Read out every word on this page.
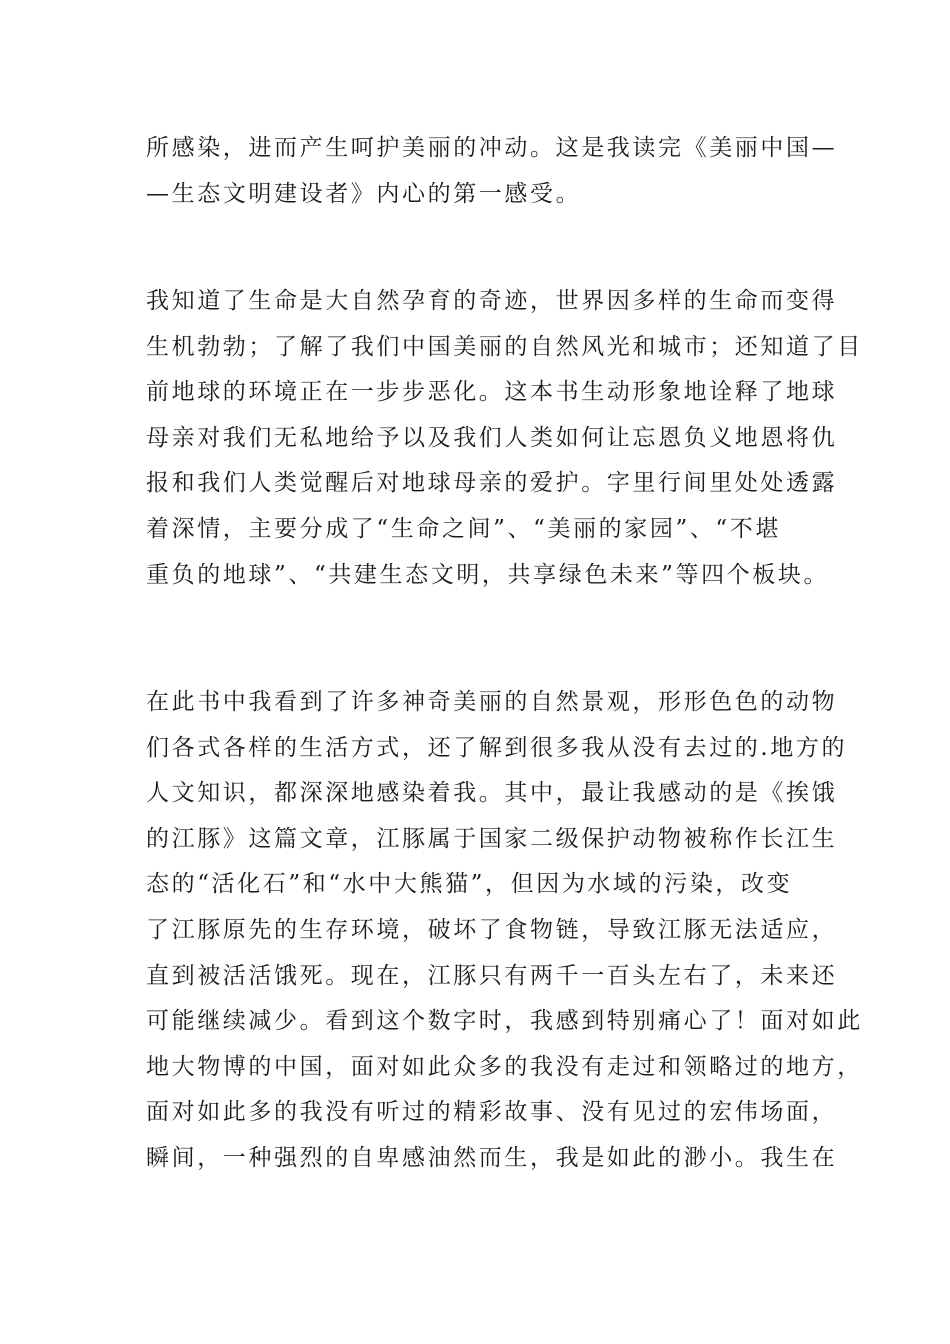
所感染，进而产生呵护美丽的冲动。这是我读完《美丽中国—
—生态文明建设者》内心的第一感受。
我知道了生命是大自然孕育的奇迹，世界因多样的生命而变得
生机勃勃；了解了我们中国美丽的自然风光和城市；还知道了目
前地球的环境正在一步步恶化。这本书生动形象地诠释了地球
母亲对我们无私地给予以及我们人类如何让忘恩负义地恩将仇
报和我们人类觉醒后对地球母亲的爱护。字里行间里处处透露
着深情，主要分成了“生命之间”、“美丽的家园”、“不堪
重负的地球”、“共建生态文明，共享绿色未来”等四个板块。
在此书中我看到了许多神奇美丽的自然景观，形形色色的动物
们各式各样的生活方式，还了解到很多我从没有去过的.地方的
人文知识，都深深地感染着我。其中，最让我感动的是《挨饿
的江豚》这篇文章，江豚属于国家二级保护动物被称作长江生
态的“活化石”和“水中大熊猫”，但因为水域的污染，改变
了江豚原先的生存环境，破坏了食物链，导致江豚无法适应，
直到被活活饿死。现在，江豚只有两千一百头左右了，未来还
可能继续减少。看到这个数字时，我感到特别痛心了！面对如此
地大物博的中国，面对如此众多的我没有走过和领略过的地方，
面对如此多的我没有听过的精彩故事、没有见过的宏伟场面，
瞬间，一种强烈的自卑感油然而生，我是如此的渺小。我生在
